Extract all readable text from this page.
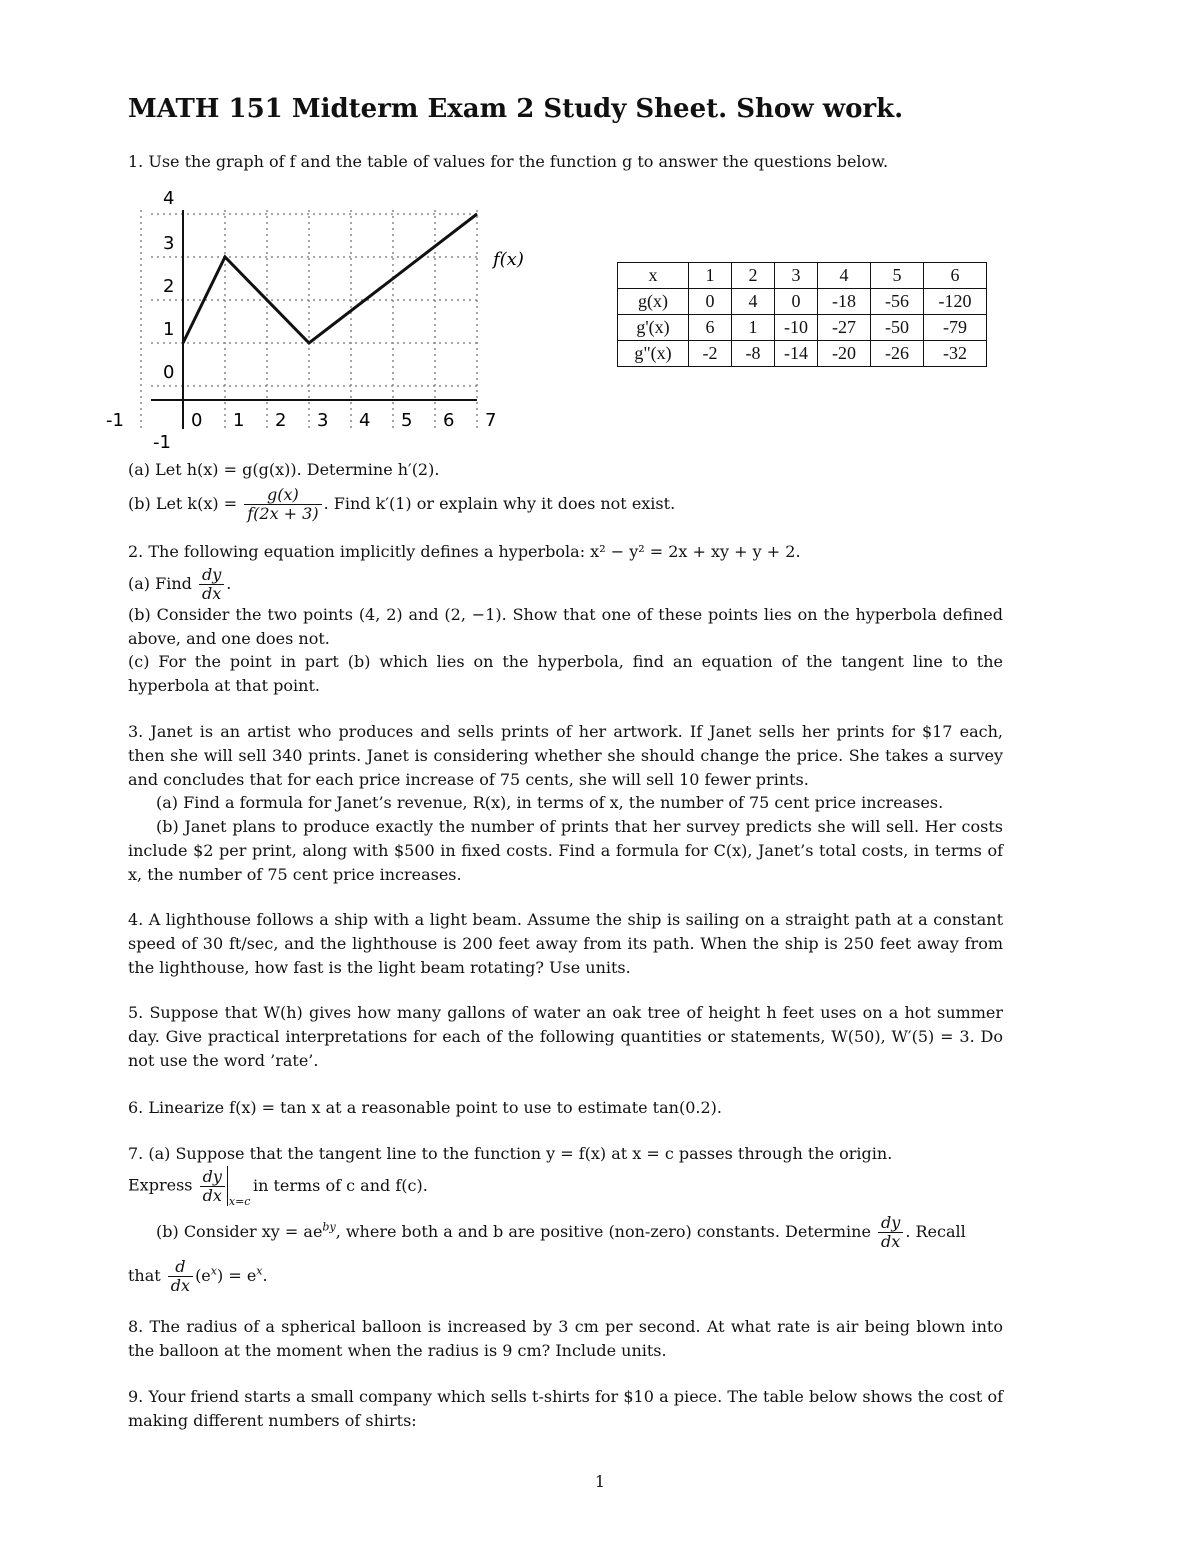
MATH 151 Midterm Exam 2 Study Sheet. Show work.
1. Use the graph of f and the table of values for the function g to answer the questions below.
-1	0 1 2 3 4 5 6 7
4
3
2
1
0
-1
f(x)
x	1	2	3	4	5	6
g(x)	0	4	0	-18	-56	-120
g'(x)	6	1	-10	-27	-50	-79
g"(x)	-2	-8	-14	-20	-26	-32
(a) Let h(x) = g(g(x)). Determine h′(2).
(b) Let $k(x) = \frac{g(x)}{f(2x + 3)}$ . Find k′(1) or explain why it does not exist.
2. The following equation implicitly defines a hyperbola: x² − y² = 2x + xy + y + 2.
(a) Find $\frac{dy}{dx}$ .
(b) Consider the two points (4, 2) and (2, −1). Show that one of these points lies on the hyperbola defined above, and one does not.
(c) For the point in part (b) which lies on the hyperbola, find an equation of the tangent line to the hyperbola at that point.
3. Janet is an artist who produces and sells prints of her artwork. If Janet sells her prints for $17 each, then she will sell 340 prints. Janet is considering whether she should change the price. She takes a survey and concludes that for each price increase of 75 cents, she will sell 10 fewer prints.
(a) Find a formula for Janet’s revenue, R(x), in terms of x, the number of 75 cent price increases.
(b) Janet plans to produce exactly the number of prints that her survey predicts she will sell. Her costs include $2 per print, along with $500 in fixed costs. Find a formula for C(x), Janet’s total costs, in terms of x, the number of 75 cent price increases.
4. A lighthouse follows a ship with a light beam. Assume the ship is sailing on a straight path at a constant speed of 30 ft/sec, and the lighthouse is 200 feet away from its path. When the ship is 250 feet away from the lighthouse, how fast is the light beam rotating? Use units.
5. Suppose that W(h) gives how many gallons of water an oak tree of height h feet uses on a hot summer day. Give practical interpretations for each of the following quantities or statements, W(50), W′(5) = 3. Do not use the word ’rate’.
6. Linearize f(x) = tan x at a reasonable point to use to estimate tan(0.2).
7. (a) Suppose that the tangent line to the function y = f(x) at x = c passes through the origin.
Express $\frac{dy}{dx} x=c$
in terms of c and f(c).
(b) Consider xy = $ae^{by}$, where both a and b are positive (non-zero) constants. Determine $\frac{dy}{dx}$ . Recall
that $\frac{d}{dx} (e^x) = e^x$.
8. The radius of a spherical balloon is increased by 3 cm per second. At what rate is air being blown into the balloon at the moment when the radius is 9 cm? Include units.
9. Your friend starts a small company which sells t-shirts for $10 a piece. The table below shows the cost of making different numbers of shirts:
1
